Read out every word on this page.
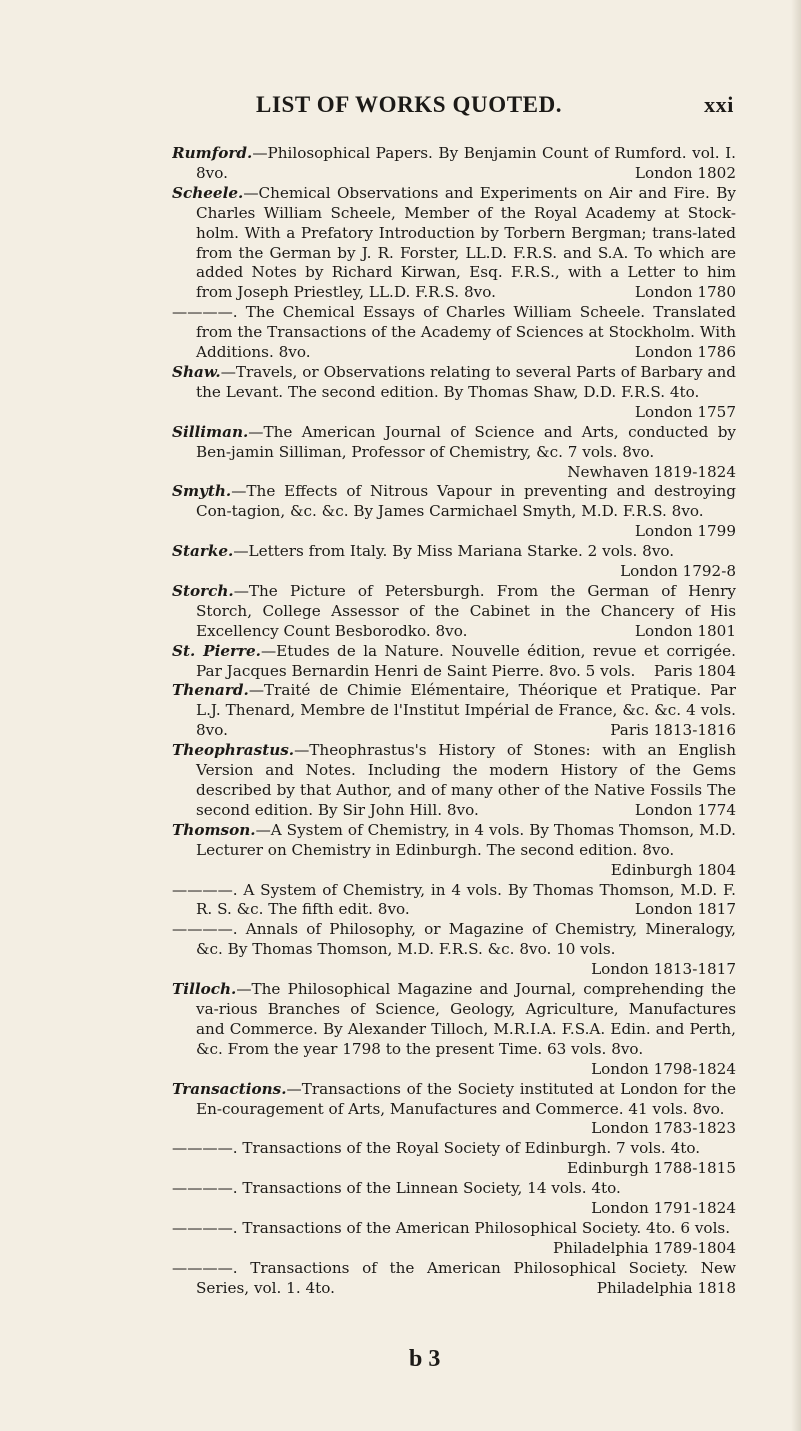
LIST OF WORKS QUOTED.	xxi

Rumford.—Philosophical Papers. By Benjamin Count of Rumford. vol. I. 8vo.	London 1802

Scheele.—Chemical Observations and Experiments on Air and Fire. By Charles William Scheele, Member of the Royal Academy at Stock-holm. With a Prefatory Introduction by Torbern Bergman; trans-lated from the German by J. R. Forster, LL.D. F.R.S. and S.A. To which are added Notes by Richard Kirwan, Esq. F.R.S., with a Letter to him from Joseph Priestley, LL.D. F.R.S. 8vo.	London 1780

————. The Chemical Essays of Charles William Scheele. Translated from the Transactions of the Academy of Sciences at Stockholm. With Additions. 8vo.	London 1786

Shaw.—Travels, or Observations relating to several Parts of Barbary and the Levant. The second edition. By Thomas Shaw, D.D. F.R.S. 4to.
London 1757

Silliman.—The American Journal of Science and Arts, conducted by Ben-jamin Silliman, Professor of Chemistry, &c. 7 vols. 8vo.
Newhaven 1819-1824

Smyth.—The Effects of Nitrous Vapour in preventing and destroying Con-tagion, &c. &c. By James Carmichael Smyth, M.D. F.R.S. 8vo.
London 1799

Starke.—Letters from Italy. By Miss Mariana Starke. 2 vols. 8vo.
London 1792-8

Storch.—The Picture of Petersburgh. From the German of Henry Storch, College Assessor of the Cabinet in the Chancery of His Excellency Count Besborodko. 8vo.	London 1801

St. Pierre.—Etudes de la Nature. Nouvelle édition, revue et corrigée. Par Jacques Bernardin Henri de Saint Pierre. 8vo. 5 vols.	Paris 1804

Thenard.—Traité de Chimie Elémentaire, Théorique et Pratique. Par L.J. Thenard, Membre de l'Institut Impérial de France, &c. &c. 4 vols. 8vo.	Paris 1813-1816

Theophrastus.—Theophrastus's History of Stones: with an English Version and Notes. Including the modern History of the Gems described by that Author, and of many other of the Native Fossils The second edition. By Sir John Hill. 8vo.	London 1774

Thomson.—A System of Chemistry, in 4 vols. By Thomas Thomson, M.D. Lecturer on Chemistry in Edinburgh. The second edition. 8vo.
Edinburgh 1804

————. A System of Chemistry, in 4 vols. By Thomas Thomson, M.D. F. R. S. &c. The fifth edit. 8vo.	London 1817

————. Annals of Philosophy, or Magazine of Chemistry, Mineralogy, &c. By Thomas Thomson, M.D. F.R.S. &c. 8vo. 10 vols.
London 1813-1817

Tilloch.—The Philosophical Magazine and Journal, comprehending the va-rious Branches of Science, Geology, Agriculture, Manufactures and Commerce. By Alexander Tilloch, M.R.I.A. F.S.A. Edin. and Perth, &c. From the year 1798 to the present Time. 63 vols. 8vo.
London 1798-1824

Transactions.—Transactions of the Society instituted at London for the En-couragement of Arts, Manufactures and Commerce. 41 vols. 8vo.
London 1783-1823

————. Transactions of the Royal Society of Edinburgh. 7 vols. 4to.
Edinburgh 1788-1815

————. Transactions of the Linnean Society, 14 vols. 4to.
London 1791-1824

————. Transactions of the American Philosophical Society. 4to. 6 vols.
Philadelphia 1789-1804

————. Transactions of the American Philosophical Society. New Series, vol. 1. 4to.	Philadelphia 1818

b 3
